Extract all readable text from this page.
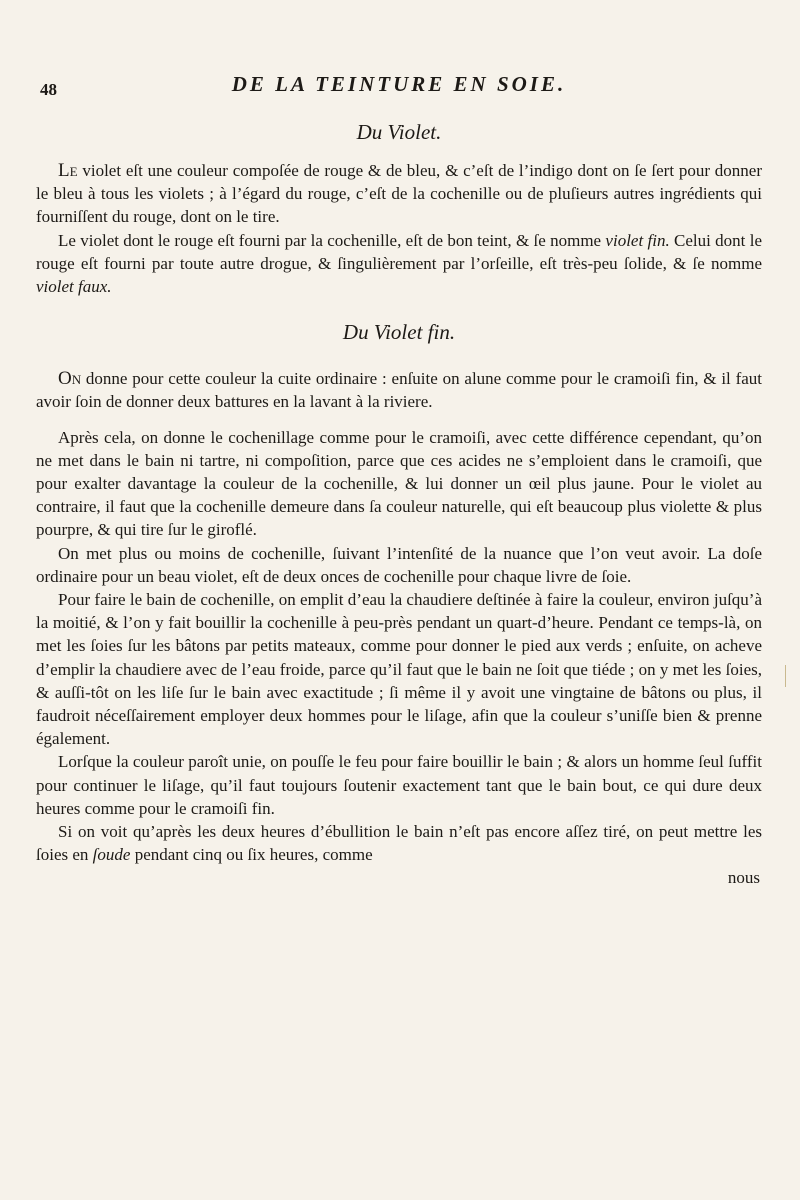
48	DE LA TEINTURE EN SOIE.
Du Violet.

Le violet eſt une couleur compoſée de rouge & de bleu, & c’eſt de l’indigo dont on ſe ſert pour donner le bleu à tous les violets ; à l’égard du rouge, c’eſt de la cochenille ou de pluſieurs autres ingrédients qui fourniſſent du rouge, dont on le tire.

Le violet dont le rouge eſt fourni par la cochenille, eſt de bon teint, & ſe nomme violet fin. Celui dont le rouge eſt fourni par toute autre drogue, & ſingulièrement par l’orſeille, eſt très-peu ſolide, & ſe nomme violet faux.

Du Violet fin.

On donne pour cette couleur la cuite ordinaire : enſuite on alune comme pour le cramoiſi fin, & il faut avoir ſoin de donner deux battures en la lavant à la riviere.

Après cela, on donne le cochenillage comme pour le cramoiſi, avec cette différence cependant, qu’on ne met dans le bain ni tartre, ni compoſition, parce que ces acides ne s’emploient dans le cramoiſi, que pour exalter davantage la couleur de la cochenille, & lui donner un œil plus jaune. Pour le violet au contraire, il faut que la cochenille demeure dans ſa couleur naturelle, qui eſt beaucoup plus violette & plus pourpre, & qui tire ſur le giroflé.

On met plus ou moins de cochenille, ſuivant l’intenſité de la nuance que l’on veut avoir. La doſe ordinaire pour un beau violet, eſt de deux onces de cochenille pour chaque livre de ſoie.

Pour faire le bain de cochenille, on emplit d’eau la chaudiere deſtinée à faire la couleur, environ juſqu’à la moitié, & l’on y fait bouillir la cochenille à peu-près pendant un quart-d’heure. Pendant ce temps-là, on met les ſoies ſur les bâtons par petits mateaux, comme pour donner le pied aux verds ; enſuite, on acheve d’emplir la chaudiere avec de l’eau froide, parce qu’il faut que le bain ne ſoit que tiéde ; on y met les ſoies, & auſſi-tôt on les liſe ſur le bain avec exactitude ; ſi même il y avoit une vingtaine de bâtons ou plus, il faudroit néceſſairement employer deux hommes pour le liſage, afin que la couleur s’uniſſe bien & prenne également.

Lorſque la couleur paroît unie, on pouſſe le feu pour faire bouillir le bain ; & alors un homme ſeul ſuffit pour continuer le liſage, qu’il faut toujours ſoutenir exactement tant que le bain bout, ce qui dure deux heures comme pour le cramoiſi fin.

Si on voit qu’après les deux heures d’ébullition le bain n’eſt pas encore aſſez tiré, on peut mettre les ſoies en ſoude pendant cinq ou ſix heures, comme

nous
